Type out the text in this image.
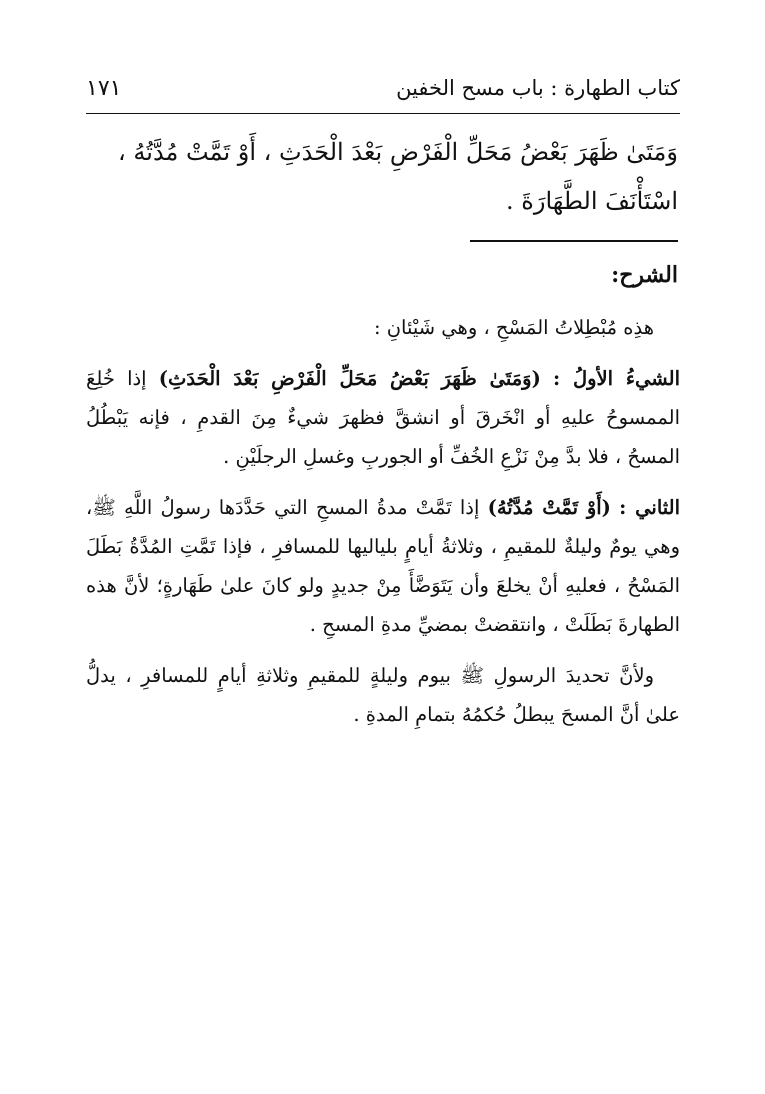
كتاب الطهارة : باب مسح الخفين
١٧١
وَمَتَىٰ ظَهَرَ بَعْضُ مَحَلِّ الْفَرْضِ بَعْدَ الْحَدَثِ ، أَوْ تَمَّتْ مُدَّتُهُ ، اسْتَأْنَفَ الطَّهَارَةَ .
الشرح:

هذِه مُبْطِلاتُ المَسْحِ ، وهي شَيْئانِ :

الشيءُ الأولُ : (وَمَتَىٰ ظَهَرَ بَعْضُ مَحَلِّ الْفَرْضِ بَعْدَ الْحَدَثِ) إذا خُلِعَ الممسوحُ عليهِ أو انْخَرقَ أو انشقَّ فظهرَ شيءٌ مِنَ القدمِ ، فإنه يَبْطُلُ المسحُ ، فلا بدَّ مِنْ نَزْعِ الخُفِّ أو الجوربِ وغسلِ الرجلَيْنِ .

الثاني : (أَوْ تَمَّتْ مُدَّتُهُ) إذا تَمَّتْ مدةُ المسحِ التي حَدَّدَها رسولُ اللَّهِ ﷺ، وهي يومٌ وليلةٌ للمقيمِ ، وثلاثةُ أيامٍ بلياليها للمسافرِ ، فإذا تَمَّتِ المُدَّةُ بَطَلَ المَسْحُ ، فعليهِ أنْ يخلعَ وأن يَتَوَضَّأَ مِنْ جديدٍ ولو كانَ علىٰ طَهَارةٍ؛ لأنَّ هذه الطهارةَ بَطَلَتْ ، وانتقضتْ بمضيِّ مدةِ المسحِ .

ولأنَّ تحديدَ الرسولِ ﷺ بيوم وليلةٍ للمقيمِ وثلاثةِ أيامٍ للمسافرِ ، يدلُّ علىٰ أنَّ المسحَ يبطلُ حُكمُهُ بتمامِ المدةِ .
